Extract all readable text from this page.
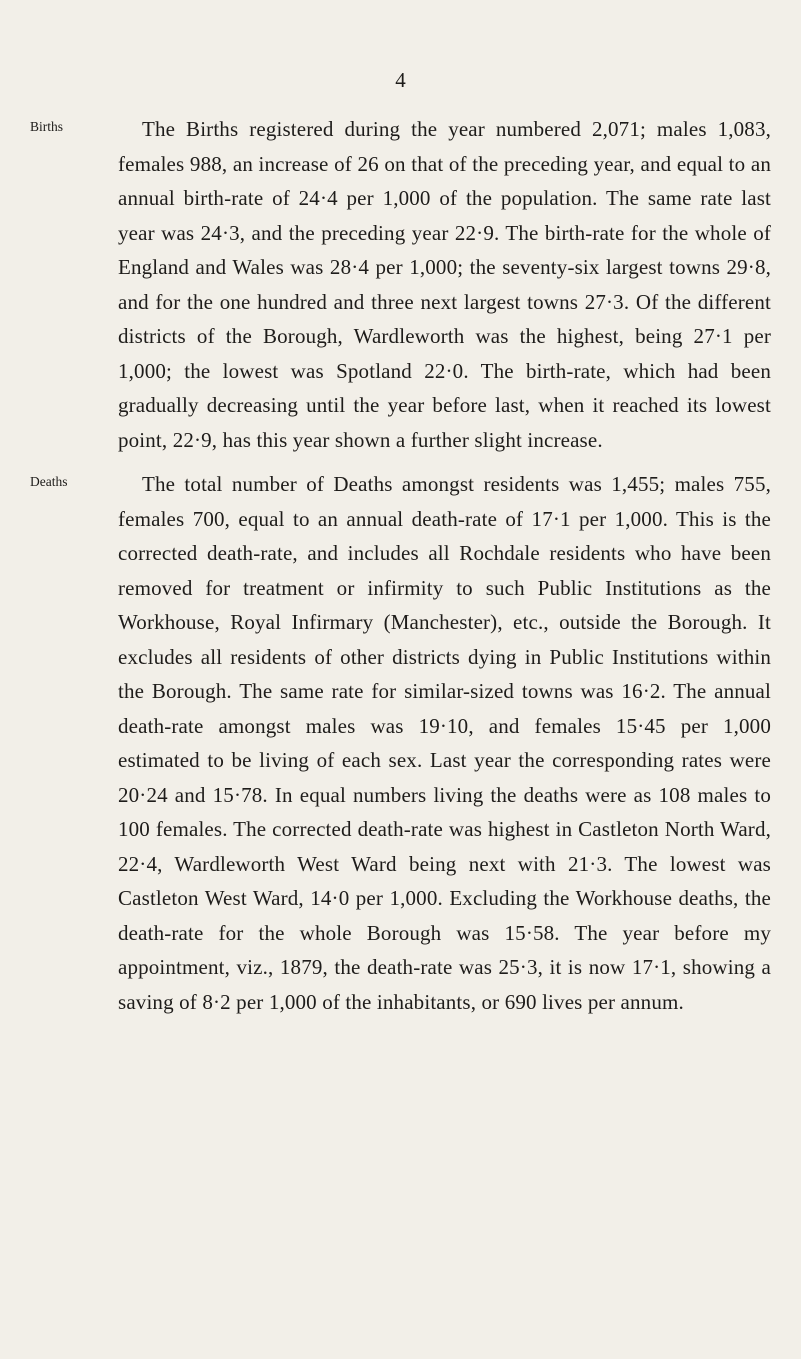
4
Births	The Births registered during the year numbered 2,071; males 1,083, females 988, an increase of 26 on that of the preceding year, and equal to an annual birth-rate of 24·4 per 1,000 of the population. The same rate last year was 24·3, and the preceding year 22·9. The birth-rate for the whole of England and Wales was 28·4 per 1,000; the seventy-six largest towns 29·8, and for the one hundred and three next largest towns 27·3. Of the different districts of the Borough, Wardleworth was the highest, being 27·1 per 1,000; the lowest was Spotland 22·0. The birth-rate, which had been gradually decreasing until the year before last, when it reached its lowest point, 22·9, has this year shown a further slight increase.

Deaths	The total number of Deaths amongst residents was 1,455; males 755, females 700, equal to an annual death-rate of 17·1 per 1,000. This is the corrected death-rate, and includes all Rochdale residents who have been removed for treatment or infirmity to such Public Institutions as the Workhouse, Royal Infirmary (Manchester), etc., outside the Borough. It excludes all residents of other districts dying in Public Institutions within the Borough. The same rate for similar-sized towns was 16·2. The annual death-rate amongst males was 19·10, and females 15·45 per 1,000 estimated to be living of each sex. Last year the corresponding rates were 20·24 and 15·78. In equal numbers living the deaths were as 108 males to 100 females. The corrected death-rate was highest in Castleton North Ward, 22·4, Wardleworth West Ward being next with 21·3. The lowest was Castleton West Ward, 14·0 per 1,000. Excluding the Workhouse deaths, the death-rate for the whole Borough was 15·58. The year before my appointment, viz., 1879, the death-rate was 25·3, it is now 17·1, showing a saving of 8·2 per 1,000 of the inhabitants, or 690 lives per annum.
